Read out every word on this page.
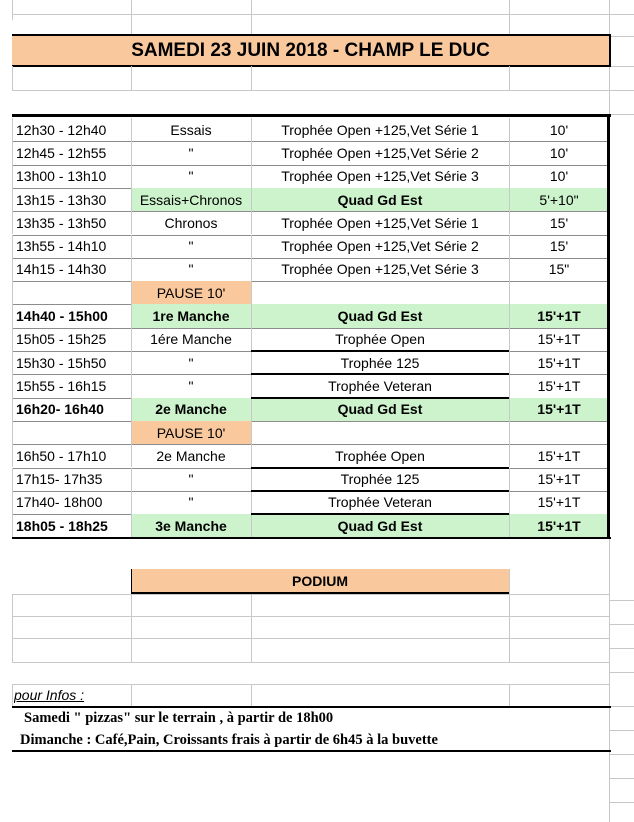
SAMEDI 23 JUIN 2018 - CHAMP LE DUC
12h30 - 12h40	Essais	Trophée Open +125,Vet Série 1	10'
12h45 - 12h55	"	Trophée Open +125,Vet Série 2	10'
13h00 - 13h10	"	Trophée Open +125,Vet Série 3	10'
13h15 - 13h30	Essais+Chronos	Quad Gd Est	5'+10"
13h35 - 13h50	Chronos	Trophée Open +125,Vet Série 1	15'
13h55 - 14h10	"	Trophée Open +125,Vet Série 2	15'
14h15 - 14h30	"	Trophée Open +125,Vet Série 3	15"
PAUSE 10'
14h40 - 15h00	1re Manche	Quad Gd Est	15'+1T
15h05 - 15h25	1ére Manche	Trophée Open	15'+1T
15h30 - 15h50	"	Trophée 125	15'+1T
15h55 - 16h15	"	Trophée Veteran	15'+1T
16h20- 16h40	2e Manche	Quad Gd Est	15'+1T
PAUSE 10'
16h50 - 17h10	2e Manche	Trophée Open	15'+1T
17h15- 17h35	"	Trophée 125	15'+1T
17h40- 18h00	"	Trophée Veteran	15'+1T
18h05 - 18h25	3e Manche	Quad Gd Est	15'+1T
PODIUM
pour Infos :
Samedi " pizzas" sur le terrain , à partir de 18h00
Dimanche : Café,Pain, Croissants frais à partir de 6h45 à la buvette
